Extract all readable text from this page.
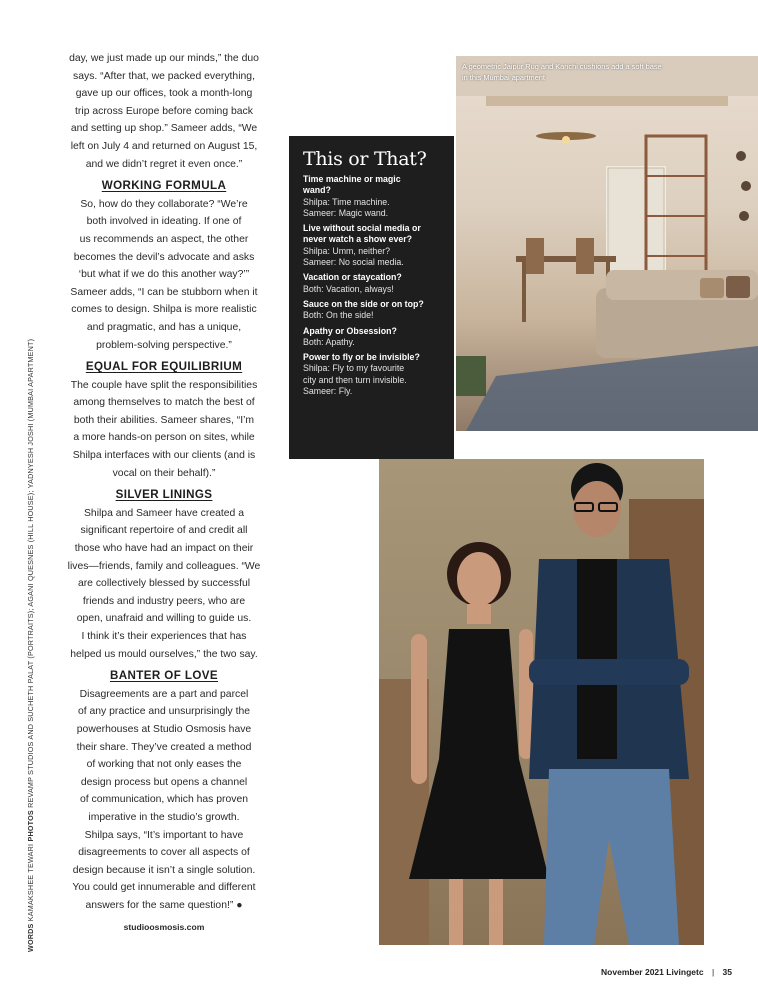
WORDS KAMAKSHEE TEWARI PHOTOS REVAMP STUDIOS AND SUCHETH PALAT (PORTRAITS); AGANI QUESNES (HILL HOUSE); YADNYESH JOSHI (MUMBAI APARTMENT)

day, we just made up our minds,” the duo

says. “After that, we packed everything,

gave up our offices, took a month-long

trip across Europe before coming back

and setting up shop.” Sameer adds, “We

left on July 4 and returned on August 15,

and we didn’t regret it even once.”

WORKING FORMULA

So, how do they collaborate? “We’re

both involved in ideating. If one of

us recommends an aspect, the other

becomes the devil’s advocate and asks

‘but what if we do this another way?’”

Sameer adds, “I can be stubborn when it

comes to design. Shilpa is more realistic

and pragmatic, and has a unique,

problem-solving perspective.”

EQUAL FOR EQUILIBRIUM

The couple have split the responsibilities

among themselves to match the best of

both their abilities. Sameer shares, “I’m

a more hands-on person on sites, while

Shilpa interfaces with our clients (and is

vocal on their behalf).”

SILVER LININGS

Shilpa and Sameer have created a

significant repertoire of and credit all

those who have had an impact on their

lives—friends, family and colleagues. “We

are collectively blessed by successful

friends and industry peers, who are

open, unafraid and willing to guide us.

I think it’s their experiences that has

helped us mould ourselves,” the two say.

BANTER OF LOVE

Disagreements are a part and parcel

of any practice and unsurprisingly the

powerhouses at Studio Osmosis have

their share. They’ve created a method

of working that not only eases the

design process but opens a channel

of communication, which has proven

imperative in the studio’s growth.

Shilpa says, “It’s important to have

disagreements to cover all aspects of

design because it isn’t a single solution.

You could get innumerable and different

answers for the same question!” ●

studioosmosis.com

A geometric Jaipur Rug and Kanchi cushions add a soft base
in this Mumbai apartment
This or That?
Time machine or magic
wand?
Shilpa: Time machine.
Sameer: Magic wand.
Live without social media or
never watch a show ever?
Shilpa: Umm, neither?
Sameer: No social media.
Vacation or staycation?
Both: Vacation, always!
Sauce on the side or on top?
Both: On the side!
Apathy or Obsession?
Both: Apathy.
Power to fly or be invisible?
Shilpa: Fly to my favourite
city and then turn invisible.
Sameer: Fly.
November 2021 Livingetc | 35
